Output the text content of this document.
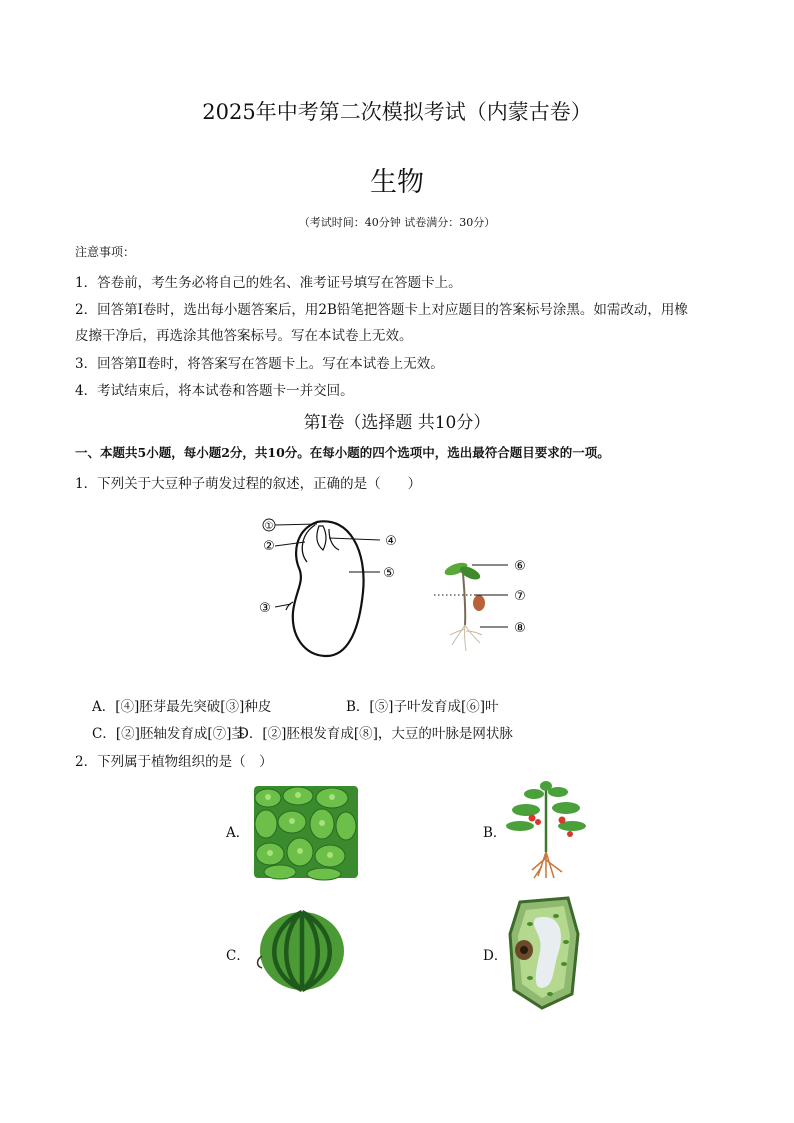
2025年中考第二次模拟考试（内蒙古卷）
生物
（考试时间：40分钟 试卷满分：30分）
注意事项：
1．答卷前，考生务必将自己的姓名、准考证号填写在答题卡上。
2．回答第Ⅰ卷时，选出每小题答案后，用2B铅笔把答题卡上对应题目的答案标号涂黑。如需改动，用橡
皮擦干净后，再选涂其他答案标号。写在本试卷上无效。
3．回答第Ⅱ卷时，将答案写在答题卡上。写在本试卷上无效。
4．考试结束后，将本试卷和答题卡一并交回。
第Ⅰ卷（选择题 共10分）
一、本题共5小题，每小题2分，共10分。在每小题的四个选项中，选出最符合题目要求的一项。
1．下列关于大豆种子萌发过程的叙述，正确的是（　　）
①
②
③
④
⑤	⑥
⑦
⑧
A．[④]胚芽最先突破[③]种皮	B．[⑤]子叶发育成[⑥]叶
C．[②]胚轴发育成[⑦]茎
D．[②]胚根发育成[⑧]，大豆的叶脉是网状脉
2．下列属于植物组织的是（　）
A．	B．
C．	D．
